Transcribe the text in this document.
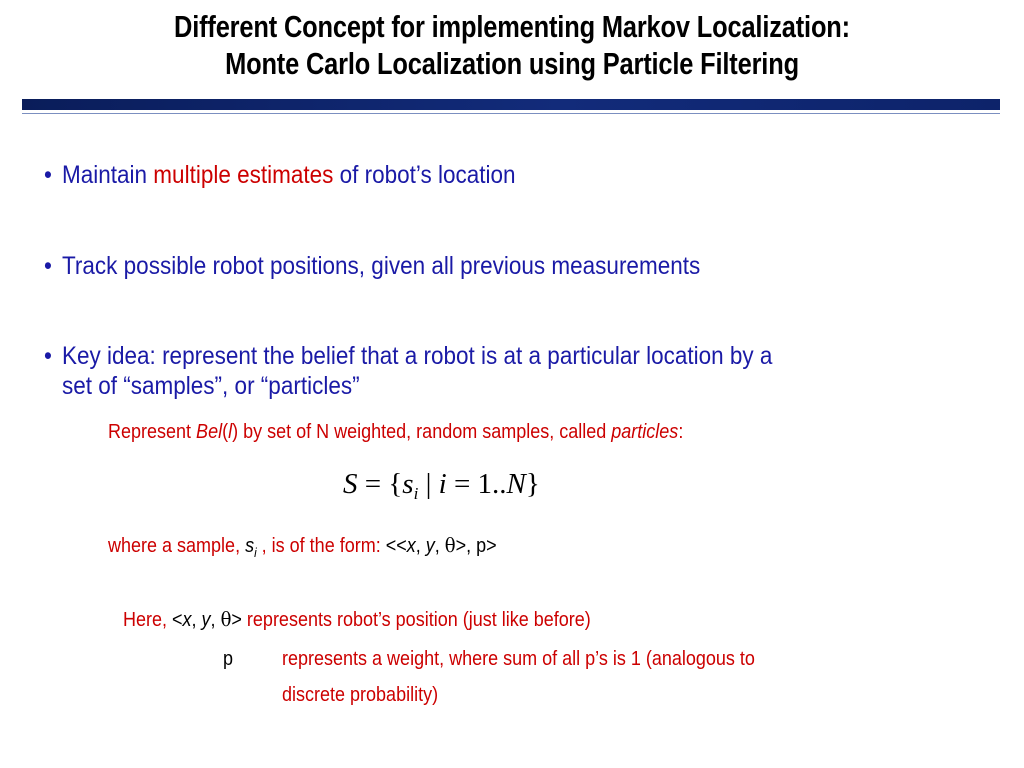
Different Concept for implementing Markov Localization:
Monte Carlo Localization using Particle Filtering
• Maintain multiple estimates of robot’s location
• Track possible robot positions, given all previous measurements
• Key idea: represent the belief that a robot is at a particular location by a
set of “samples”, or “particles”
Represent Bel(l) by set of N weighted, random samples, called particles:
$S = \{s_i$ | i = 1..N}
where a sample, $s_i$ , is of the form: <<x, y, θ>, p>
Here, <x, y, θ> represents robot’s position (just like before)
p represents a weight, where sum of all p’s is 1 (analogous to
discrete probability)
